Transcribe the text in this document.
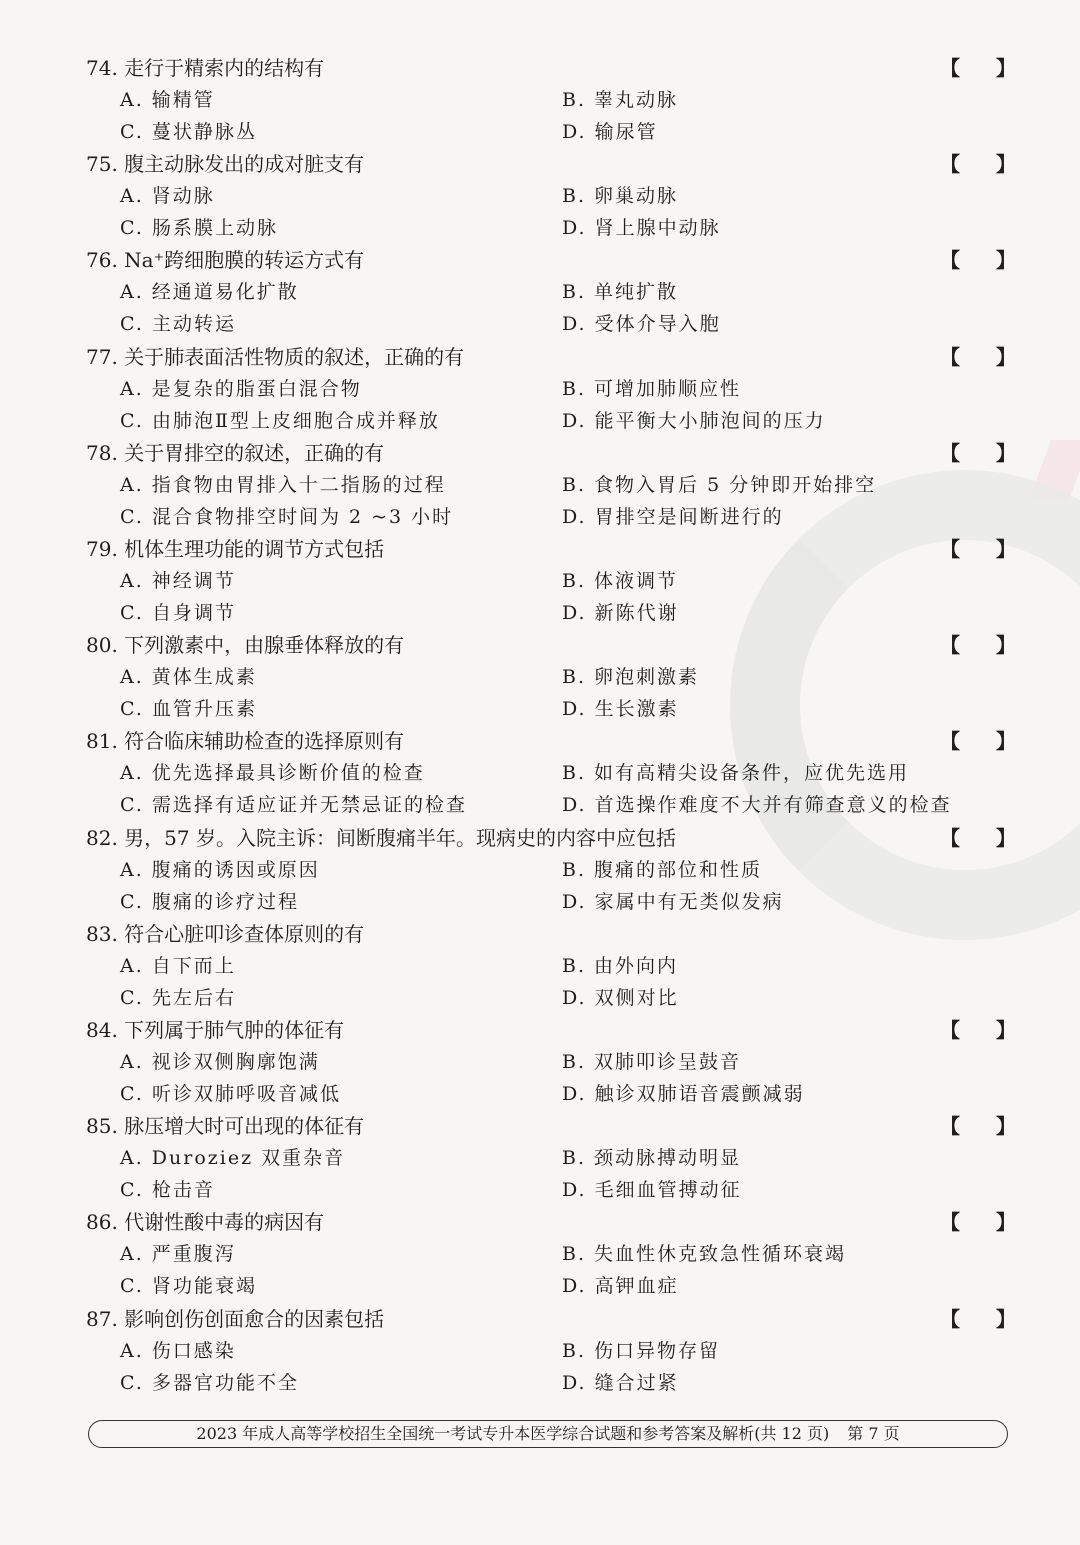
74. 走行于精索内的结构有	【 】
A. 输精管	B. 睾丸动脉
C. 蔓状静脉丛	D. 输尿管
75. 腹主动脉发出的成对脏支有	【 】
A. 肾动脉	B. 卵巢动脉
C. 肠系膜上动脉	D. 肾上腺中动脉
76. Na⁺跨细胞膜的转运方式有	【 】
A. 经通道易化扩散	B. 单纯扩散
C. 主动转运	D. 受体介导入胞
77. 关于肺表面活性物质的叙述，正确的有	【 】
A. 是复杂的脂蛋白混合物	B. 可增加肺顺应性
C. 由肺泡Ⅱ型上皮细胞合成并释放	D. 能平衡大小肺泡间的压力
78. 关于胃排空的叙述，正确的有	【 】
A. 指食物由胃排入十二指肠的过程	B. 食物入胃后 5 分钟即开始排空
C. 混合食物排空时间为 2 ~3 小时	D. 胃排空是间断进行的
79. 机体生理功能的调节方式包括	【 】
A. 神经调节	B. 体液调节
C. 自身调节	D. 新陈代谢
80. 下列激素中，由腺垂体释放的有	【 】
A. 黄体生成素	B. 卵泡刺激素
C. 血管升压素	D. 生长激素
81. 符合临床辅助检查的选择原则有	【 】
A. 优先选择最具诊断价值的检查	B. 如有高精尖设备条件，应优先选用
C. 需选择有适应证并无禁忌证的检查	D. 首选操作难度不大并有筛查意义的检查
82. 男，57 岁。入院主诉：间断腹痛半年。现病史的内容中应包括	【 】
A. 腹痛的诱因或原因	B. 腹痛的部位和性质
C. 腹痛的诊疗过程	D. 家属中有无类似发病
83. 符合心脏叩诊查体原则的有
A. 自下而上	B. 由外向内
C. 先左后右	D. 双侧对比
84. 下列属于肺气肿的体征有	【 】
A. 视诊双侧胸廓饱满	B. 双肺叩诊呈鼓音
C. 听诊双肺呼吸音减低	D. 触诊双肺语音震颤减弱
85. 脉压增大时可出现的体征有	【 】
A. Duroziez 双重杂音	B. 颈动脉搏动明显
C. 枪击音	D. 毛细血管搏动征
86. 代谢性酸中毒的病因有	【 】
A. 严重腹泻	B. 失血性休克致急性循环衰竭
C. 肾功能衰竭	D. 高钾血症
87. 影响创伤创面愈合的因素包括	【 】
A. 伤口感染	B. 伤口异物存留
C. 多器官功能不全	D. 缝合过紧
2023 年成人高等学校招生全国统一考试专升本医学综合试题和参考答案及解析(共 12 页) 第 7 页
